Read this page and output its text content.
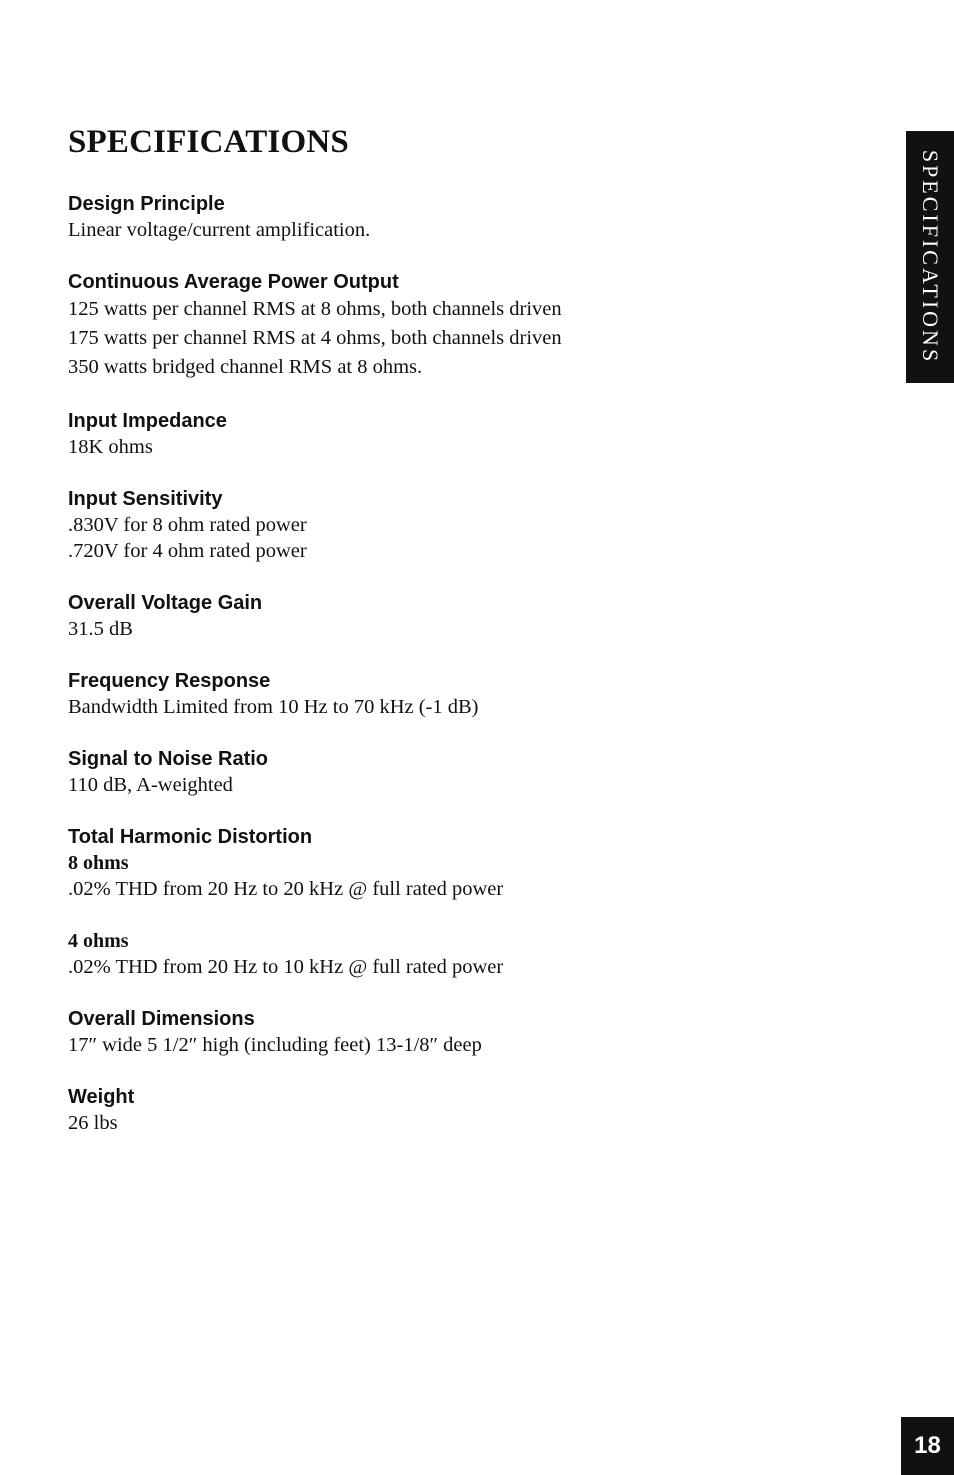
SPECIFICATIONS

Design Principle

Linear voltage/current amplification.

Continuous Average Power Output

125 watts per channel RMS at 8 ohms, both channels driven

175 watts per channel RMS at 4 ohms, both channels driven

350 watts bridged channel RMS at 8 ohms.

Input Impedance

18K ohms

Input Sensitivity

.830V for 8 ohm rated power

.720V for 4 ohm rated power

Overall Voltage Gain

31.5 dB

Frequency Response

Bandwidth Limited from 10 Hz to 70 kHz (-1 dB)

Signal to Noise Ratio

110 dB, A-weighted

Total Harmonic Distortion

8 ohms

.02% THD from 20 Hz to 20 kHz @ full rated power

4 ohms

.02% THD from 20 Hz to 10 kHz @ full rated power

Overall Dimensions

17″ wide 5 1/2″ high (including feet) 13-1/8″ deep

Weight

26 lbs

SPECIFICATIONS
18
